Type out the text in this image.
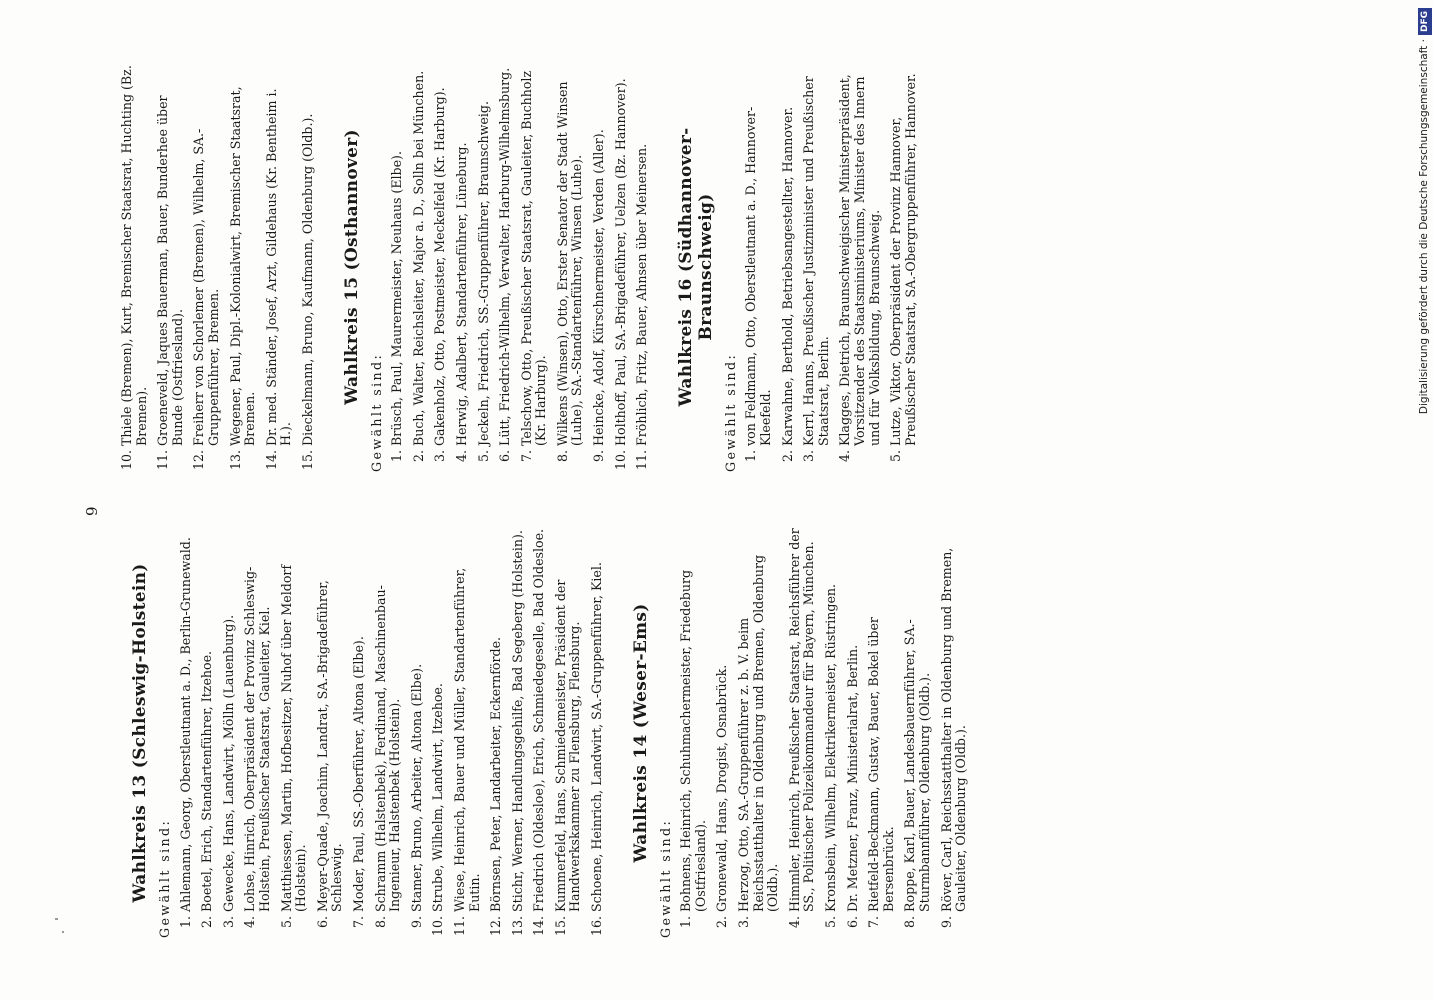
6
Wahlkreis 13 (Schleswig-Holstein) Gewählt sind: 1.
Ahlemann, Georg, Oberstleutnant a. D., Berlin-Grunewald.
2.
Boetel, Erich, Standartenführer, Itzehoe.
3.
Gewecke, Hans, Landwirt, Mölln (Lauenburg).
4.
Lohse, Hinrich, Oberpräsident der Provinz Schleswig-Holstein, Preußischer Staatsrat, Gauleiter, Kiel.
5.
Matthiessen, Martin, Hofbesitzer, Nuhof über Meldorf (Holstein).
6.
Meyer-Quade, Joachim, Landrat, SA.-Brigadeführer, Schleswig.
7.
Moder, Paul, SS.-Oberführer, Altona (Elbe).
8.
Schramm (Halstenbek), Ferdinand, Maschinenbau-Ingenieur, Halstenbek (Holstein).
9.
Stamer, Bruno, Arbeiter, Altona (Elbe).
10.
Strube, Wilhelm, Landwirt, Itzehoe.
11.
Wiese, Heinrich, Bauer und Müller, Standartenführer, Eutin.
12.
Börnsen, Peter, Landarbeiter, Eckernförde.
13.
Stichr, Werner, Handlungsgehilfe, Bad Segeberg (Holstein).
14.
Friedrich (Oldesloe), Erich, Schmiedegeselle, Bad Oldesloe.
15.
Kummerfeld, Hans, Schmiedemeister, Präsident der Handwerkskammer zu Flensburg, Flensburg.
16.
Schoene, Heinrich, Landwirt, SA.-Gruppenführer, Kiel. Wahlkreis 14 (Weser-Ems)
Gewählt sind: 1.
Bohnens, Heinrich, Schuhmachermeister, Friedeburg (Ostfriesland).
2.
Gronewald, Hans, Drogist, Osnabrück.
3.
Herzog, Otto, SA.-Gruppenführer z. b. V. beim Reichsstatthalter in Oldenburg und Bremen, Oldenburg (Oldb.).
4.
Himmler, Heinrich, Preußischer Staatsrat, Reichsführer der SS., Politischer Polizeikommandeur für Bayern, München.
5.
Kronsbein, Wilhelm, Elektrikermeister, Rüstringen.
6.
Dr. Metzner, Franz, Ministerialrat, Berlin.
7.
Rietfeld-Beckmann, Gustav, Bauer, Bokel über Bersenbrück.
8.
Roppe, Karl, Bauer, Landesbauernführer, SA.-Sturmbannführer, Oldenburg (Oldb.).
9.
Röver, Carl, Reichsstatthalter in Oldenburg und Bremen, Gauleiter, Oldenburg (Oldb.).
10.
Thiele (Bremen), Kurt, Bremischer Staatsrat, Huchting (Bz. Bremen).
11.
Groeneveld, Jaques Bauerman, Bauer, Bunderhee über Bunde (Ostfriesland).
12.
Freiherr von Schorlemer (Bremen), Wilhelm, SA.-Gruppenführer, Bremen.
13.
Wegener, Paul, Dipl.-Kolonialwirt, Bremischer Staatsrat, Bremen.
14.
Dr. med. Ständer, Josef, Arzt, Gildehaus (Kr. Bentheim i. H.).
15.
Dieckelmann, Bruno, Kaufmann, Oldenburg (Oldb.). Wahlkreis 15 (Osthannover)
Gewählt sind: 1.
Brüsch, Paul, Maurermeister, Neuhaus (Elbe).
2.
Buch, Walter, Reichsleiter, Major a. D., Solln bei München.
3.
Gakenholz, Otto, Postmeister, Meckelfeld (Kr. Harburg).
4.
Herwig, Adalbert, Standartenführer, Lüneburg.
5.
Jeckeln, Friedrich, SS.-Gruppenführer, Braunschweig.
6.
Lütt, Friedrich-Wilhelm, Verwalter, Harburg-Wilhelmsburg.
7.
Telschow, Otto, Preußischer Staatsrat, Gauleiter, Buchholz (Kr. Harburg).
8.
Wilkens (Winsen), Otto, Erster Senator der Stadt Winsen (Luhe), SA.-Standartenführer, Winsen (Luhe).
9.
Heincke, Adolf, Kürschnermeister, Verden (Aller).
10.
Holthoff, Paul, SA.-Brigadeführer, Uelzen (Bz. Hannover).
11.
Fröhlich, Fritz, Bauer, Ahnsen über Meinersen. Wahlkreis 16 (Südhannover-Braunschweig)
Gewählt sind: 1.
von Feldmann, Otto, Oberstleutnant a. D., Hannover-Kleefeld.
2.
Karwahne, Berthold, Betriebsangestellter, Hannover.
3.
Kerrl, Hanns, Preußischer Justizminister und Preußischer Staatsrat, Berlin.
4.
Klagges, Dietrich, Braunschweigischer Ministerpräsident, Vorsitzender des Staatsministeriums, Minister des Innern und für Volksbildung, Braunschweig.
5.
Lutze, Viktor, Oberpräsident der Provinz Hannover, Preußischer Staatsrat, SA.-Obergruppenführer, Hannover.	Digitalisierung gefördert durch die Deutsche Forschungsgemeinschaft ·DFG
